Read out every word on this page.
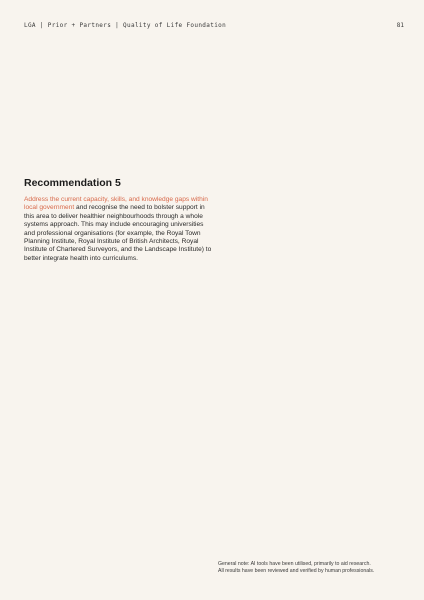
LGA | Prior + Partners | Quality of Life Foundation	81
Recommendation 5

Address the current capacity, skills, and knowledge gaps within local government and recognise the need to bolster support in this area to deliver healthier neighbourhoods through a whole systems approach. This may include encouraging universities and professional organisations (for example, the Royal Town Planning Institute, Royal Institute of British Architects, Royal Institute of Chartered Surveyors, and the Landscape Institute) to better integrate health into curriculums.

General note: AI tools have been utilised, primarily to aid research.
All results have been reviewed and verified by human professionals.
